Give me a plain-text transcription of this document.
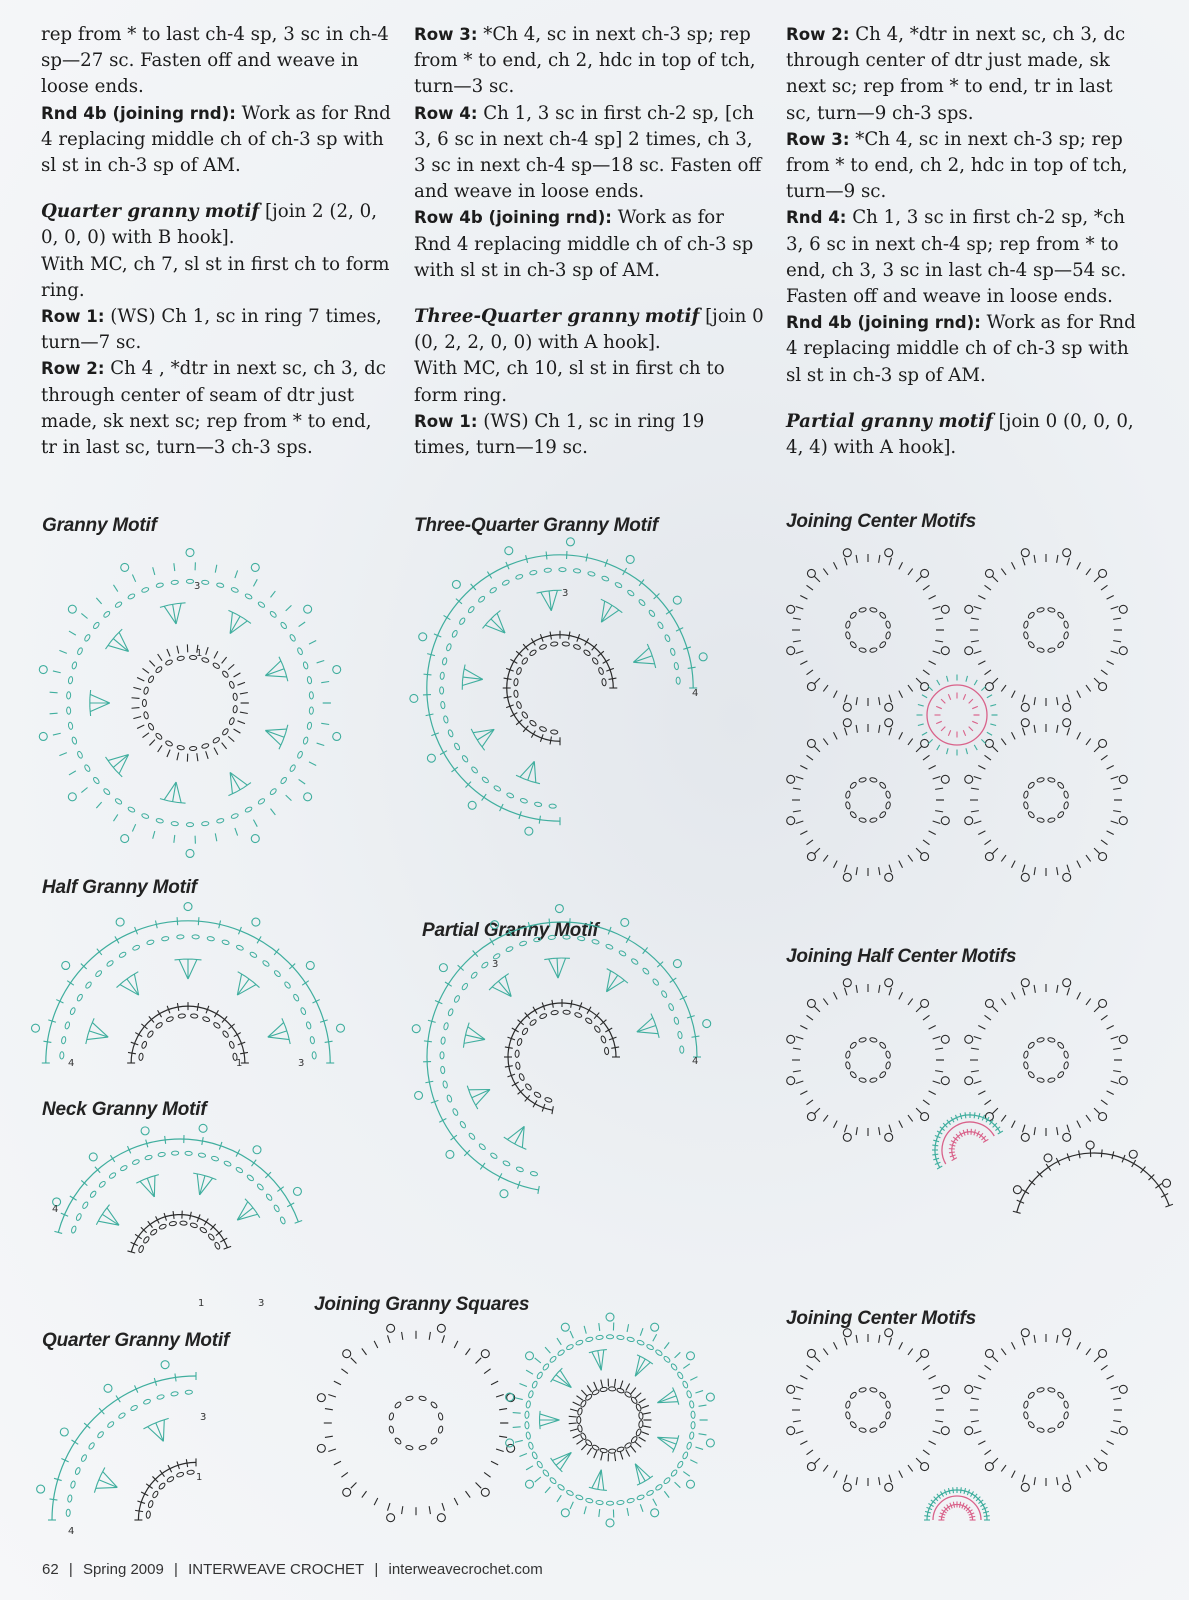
rep from * to last ch-4 sp, 3 sc in ch-4 sp—27 sc. Fasten off and weave in loose ends.

Rnd 4b (joining rnd): Work as for Rnd 4 replacing middle ch of ch-3 sp with sl st in ch-3 sp of AM.

Quarter granny motif [join 2 (2, 0, 0, 0, 0) with B hook].

With MC, ch 7, sl st in first ch to form ring.

Row 1: (WS) Ch 1, sc in ring 7 times, turn—7 sc.

Row 2: Ch 4 , *dtr in next sc, ch 3, dc through center of seam of dtr just made, sk next sc; rep from * to end, tr in last sc, turn—3 ch-3 sps.

Row 3: *Ch 4, sc in next ch-3 sp; rep from * to end, ch 2, hdc in top of tch, turn—3 sc.

Row 4: Ch 1, 3 sc in first ch-2 sp, [ch 3, 6 sc in next ch-4 sp] 2 times, ch 3, 3 sc in next ch-4 sp—18 sc. Fasten off and weave in loose ends.

Row 4b (joining rnd): Work as for Rnd 4 replacing middle ch of ch-3 sp with sl st in ch-3 sp of AM.

Three-Quarter granny motif [join 0 (0, 2, 2, 0, 0) with A hook].

With MC, ch 10, sl st in first ch to form ring.

Row 1: (WS) Ch 1, sc in ring 19 times, turn—19 sc.

Row 2: Ch 4, *dtr in next sc, ch 3, dc through center of dtr just made, sk next sc; rep from * to end, tr in last sc, turn—9 ch-3 sps.

Row 3: *Ch 4, sc in next ch-3 sp; rep from * to end, ch 2, hdc in top of tch, turn—9 sc.

Rnd 4: Ch 1, 3 sc in first ch-2 sp, *ch 3, 6 sc in next ch-4 sp; rep from * to end, ch 3, 3 sc in last ch-4 sp—54 sc. Fasten off and weave in loose ends.

Rnd 4b (joining rnd): Work as for Rnd 4 replacing middle ch of ch-3 sp with sl st in ch-3 sp of AM.

Partial granny motif [join 0 (0, 0, 0, 4, 4) with A hook].

Granny Motif	Three-Quarter Granny Motif	Joining Center Motifs
Half Granny Motif
Partial Granny Motif
Joining Half Center Motifs
Neck Granny Motif
Joining Granny Squares
Quarter Granny Motif
Joining Center Motifs
3
1
3
4
4	1	3
4
1	3
1
3
4
3
4
62 | Spring 2009 | INTERWEAVE CROCHET | interweavecrochet.com
